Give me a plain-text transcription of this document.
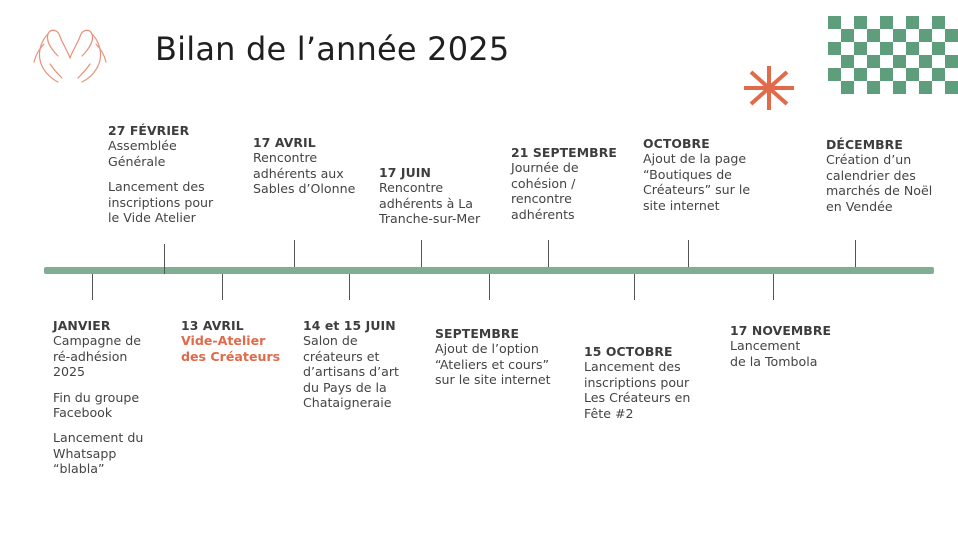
Bilan de l’année 2025
27 FÉVRIER
Assemblée
Générale
Lancement des
inscriptions pour
le Vide Atelier
17 AVRIL
Rencontre
adhérents aux
Sables d’Olonne
17 JUIN
Rencontre
adhérents à La
Tranche-sur-Mer
21 SEPTEMBRE
Journée de
cohésion /
rencontre
adhérents
OCTOBRE
Ajout de la page
“Boutiques de
Créateurs” sur le
site internet
DÉCEMBRE
Création d’un
calendrier des
marchés de Noël
en Vendée
JANVIER
Campagne de
ré-adhésion
2025
Fin du groupe
Facebook
Lancement du
Whatsapp
“blabla”
13 AVRIL
Vide-Atelier
des Créateurs
14 et 15 JUIN
Salon de
créateurs et
d’artisans d’art
du Pays de la
Chataigneraie
SEPTEMBRE
Ajout de l’option
“Ateliers et cours”
sur le site internet
15 OCTOBRE
Lancement des
inscriptions pour
Les Créateurs en
Fête #2
17 NOVEMBRE
Lancement
de la Tombola
